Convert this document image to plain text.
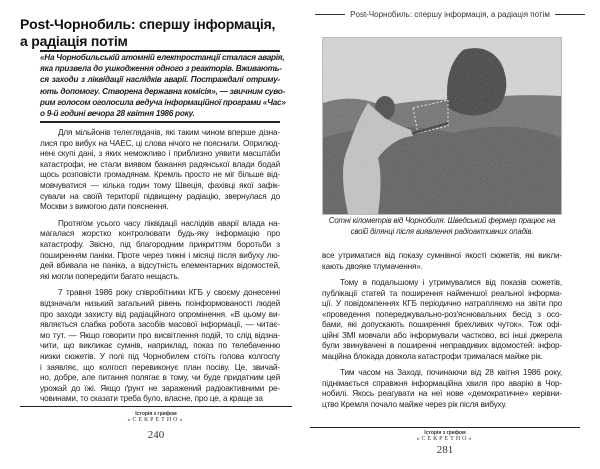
Post-Чорнобиль: спершу інформація,
а радіація потім
«На Чорнобильській атомній електростанції сталася аварія,
яка призвела до ушкодження одного з реакторів. Вживають-
ся заходи з ліквідації наслідків аварії. Постраждалі отриму-
ють допомогу. Створена державна комісія», — звичним суво-
рим голосом оголосила ведуча інформаційної програми «Час»
о 9-й годині вечора 28 квітня 1986 року.
Для мільйонів телеглядачів, які таким чином вперше дізна-
лися про вибух на ЧАЕС, ці слова нічого не пояснили. Оприлюд-
нені скупі дані, з яких неможливо і приблизно уявити масштаби
катастрофи, не стали виявом бажання радянської влади бодай
щось розповісти громадянам. Кремль просто не міг більше від-
мовчуватися — кілька годин тому Швеція, фахівці якої зафік-
сували на своїй території підвищену радіацію, звернулася до
Москви з вимогою дати пояснення.
Протягом усього часу ліквідації наслідків аварії влада на-
магалася жорстко контролювати будь-яку інформацію про
катастрофу. Звісно, під благородним прикриттям боротьби з
поширенням паніки. Проте через тижні і місяці після вибуху лю-
дей вбивала не паніка, а відсутність елементарних відомостей,
які могли попередити багато нещасть.
7 травня 1986 року співробітники КГБ у своєму донесенні
відзначали низький загальний рівень поінформованості людей
про заходи захисту від радіаційного опромінення. «В цьому ви-
являється слабка робота засобів масової інформації, — читає-
мо тут. — Якщо говорити про висвітлення подій, то слід відзна-
чити, що викликає сумнів, наприклад, показ по телебаченню
низки сюжетів. У полі під Чорнобилем стоїть голова колгоспу
і заявляє, що колгосп перевиконує план посіву. Це, звичай-
но, добре, але питання полягає в тому, чи буде придатним цей
урожай до їжі. Якщо ґрунт не заражений радіоактивними ре-
човинами, то сказати треба було, власне, про це, а краще за
Історія з грифом
«СЕКРЕТНО»
240
Post-Чорнобиль: спершу інформація, а радіація потім
Сотні кілометрів від Чорнобиля. Шведський фермер працює на
своїй ділянці після виявлення радіоактивних опадів.
все утриматися від показу сумнівної якості сюжетів, які викли-
кають двояке тлумачення».
Тому в подальшому і утримувалися від показів сюжетів,
публікації статей та поширення найменшої реальної інформа-
ції. У повідомленнях КГБ періодично натрапляємо на звіти про
«проведення попереджувально-роз'яснювальних бесід з осо-
бами, які допускають поширення брехливих чуток». Тож офі-
ційні ЗМІ мовчали або інформували частково, всі інші джерела
були звинувачені в поширенні неправдивих відомостей: інфор-
маційна блокада довкола катастрофи трималася майже рік.
Тим часом на Заході, починаючи від 28 квітня 1986 року,
піднімається справжня інформаційна хвиля про аварію в Чор-
нобилі. Якось реагувати на неї нове «демократичне» керівни-
цтво Кремля почало майже через рік після вибуху.
Історія з грифом
«СЕКРЕТНО»
281
